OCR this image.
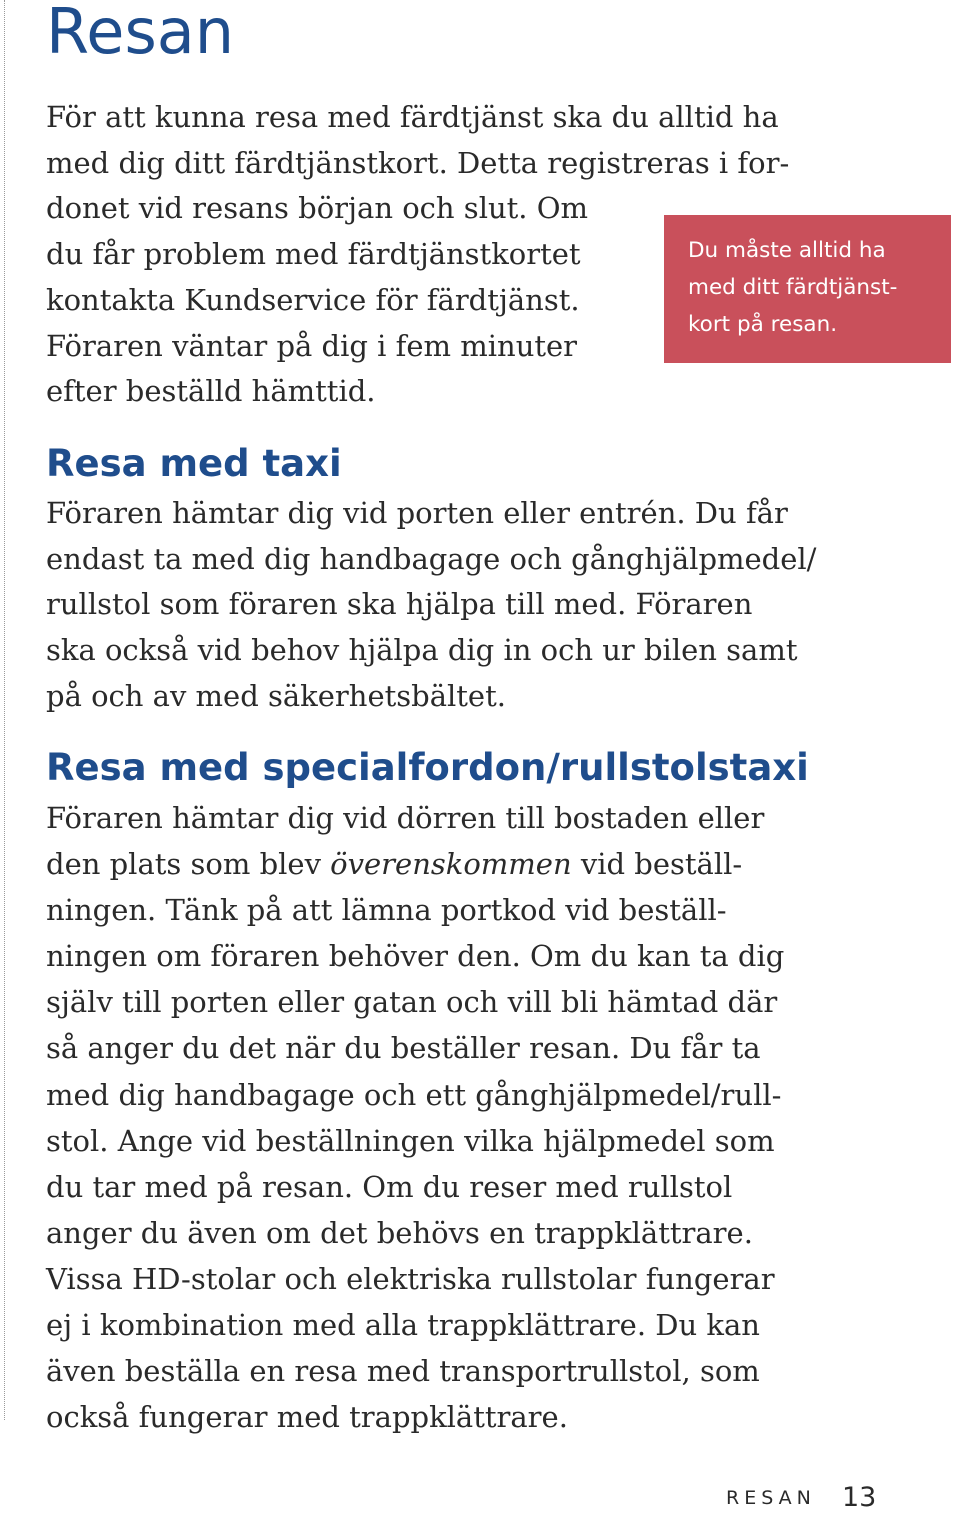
Resan

För att kunna resa med färdtjänst ska du alltid ha
med dig ditt färdtjänstkort. Detta registreras i for-
donet vid resans början och slut. Om
du får problem med färdtjänstkortet
kontakta Kundservice för färdtjänst.
Föraren väntar på dig i fem minuter
efter beställd hämttid.

Du måste alltid ha
med ditt färdtjänst-
kort på resan.
Resa med taxi

Föraren hämtar dig vid porten eller entrén. Du får
endast ta med dig handbagage och gånghjälpmedel/
rullstol som föraren ska hjälpa till med. Föraren
ska också vid behov hjälpa dig in och ur bilen samt
på och av med säkerhetsbältet.

Resa med specialfordon/rullstolstaxi

Föraren hämtar dig vid dörren till bostaden eller
den plats som blev överenskommen vid beställ-
ningen. Tänk på att lämna portkod vid beställ-
ningen om föraren behöver den. Om du kan ta dig
själv till porten eller gatan och vill bli hämtad där
så anger du det när du beställer resan. Du får ta
med dig handbagage och ett gånghjälpmedel/rull-
stol. Ange vid beställningen vilka hjälpmedel som
du tar med på resan. Om du reser med rullstol
anger du även om det behövs en trappklättrare.
Vissa HD-stolar och elektriska rullstolar fungerar
ej i kombination med alla trappklättrare. Du kan
även beställa en resa med transportrullstol, som
också fungerar med trappklättrare.

RESAN 13
